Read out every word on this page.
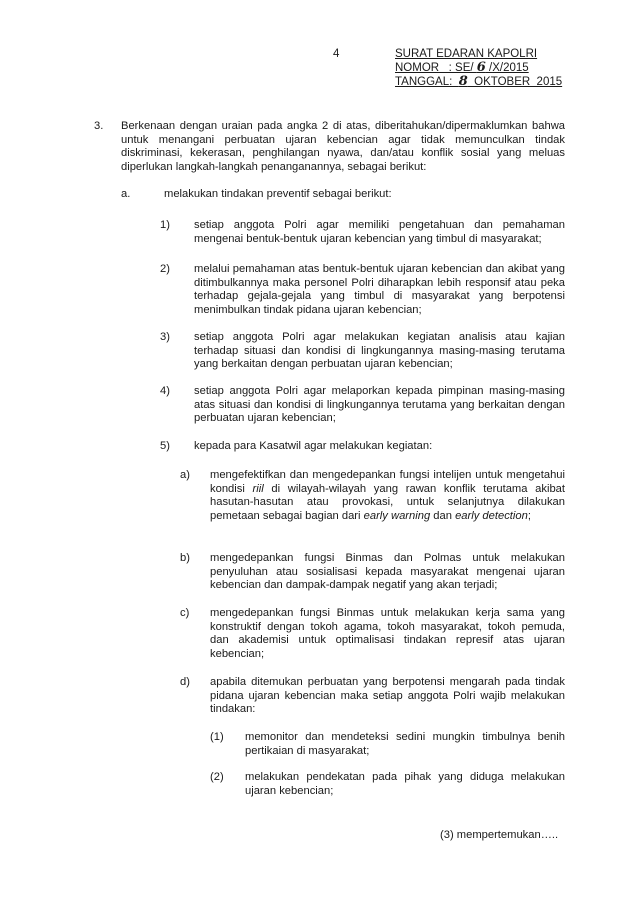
4	SURAT EDARAN KAPOLRI
NOMOR   : SE/ 6 /X/2015
TANGGAL:  8  OKTOBER  2015
3. Berkenaan dengan uraian pada angka 2 di atas, diberitahukan/dipermaklumkan bahwa untuk menangani perbuatan ujaran kebencian agar tidak memunculkan tindak diskriminasi, kekerasan, penghilangan nyawa, dan/atau konflik sosial yang meluas diperlukan langkah-langkah penanganannya, sebagai berikut:
a.	melakukan tindakan preventif sebagai berikut:
1) setiap anggota Polri agar memiliki pengetahuan dan pemahaman mengenai bentuk-bentuk ujaran kebencian yang timbul di masyarakat;
2) melalui pemahaman atas bentuk-bentuk ujaran kebencian dan akibat yang ditimbulkannya maka personel Polri diharapkan lebih responsif atau peka terhadap gejala-gejala yang timbul di masyarakat yang berpotensi menimbulkan tindak pidana ujaran kebencian;
3) setiap anggota Polri agar melakukan kegiatan analisis atau kajian terhadap situasi dan kondisi di lingkungannya masing-masing terutama yang berkaitan dengan perbuatan ujaran kebencian;
4) setiap anggota Polri agar melaporkan kepada pimpinan masing-masing atas situasi dan kondisi di lingkungannya terutama yang berkaitan dengan perbuatan ujaran kebencian;
5) kepada para Kasatwil agar melakukan kegiatan:
a) mengefektifkan dan mengedepankan fungsi intelijen untuk mengetahui kondisi riil di wilayah-wilayah yang rawan konflik terutama akibat hasutan-hasutan atau provokasi, untuk selanjutnya dilakukan pemetaan sebagai bagian dari early warning dan early detection;
b) mengedepankan fungsi Binmas dan Polmas untuk melakukan penyuluhan atau sosialisasi kepada masyarakat mengenai ujaran kebencian dan dampak-dampak negatif yang akan terjadi;
c) mengedepankan fungsi Binmas untuk melakukan kerja sama yang konstruktif dengan tokoh agama, tokoh masyarakat, tokoh pemuda, dan akademisi untuk optimalisasi tindakan represif atas ujaran kebencian;
d) apabila ditemukan perbuatan yang berpotensi mengarah pada tindak pidana ujaran kebencian maka setiap anggota Polri wajib melakukan tindakan:
(1) memonitor dan mendeteksi sedini mungkin timbulnya benih pertikaian di masyarakat;
(2) melakukan pendekatan pada pihak yang diduga melakukan ujaran kebencian;
(3) mempertemukan…..
